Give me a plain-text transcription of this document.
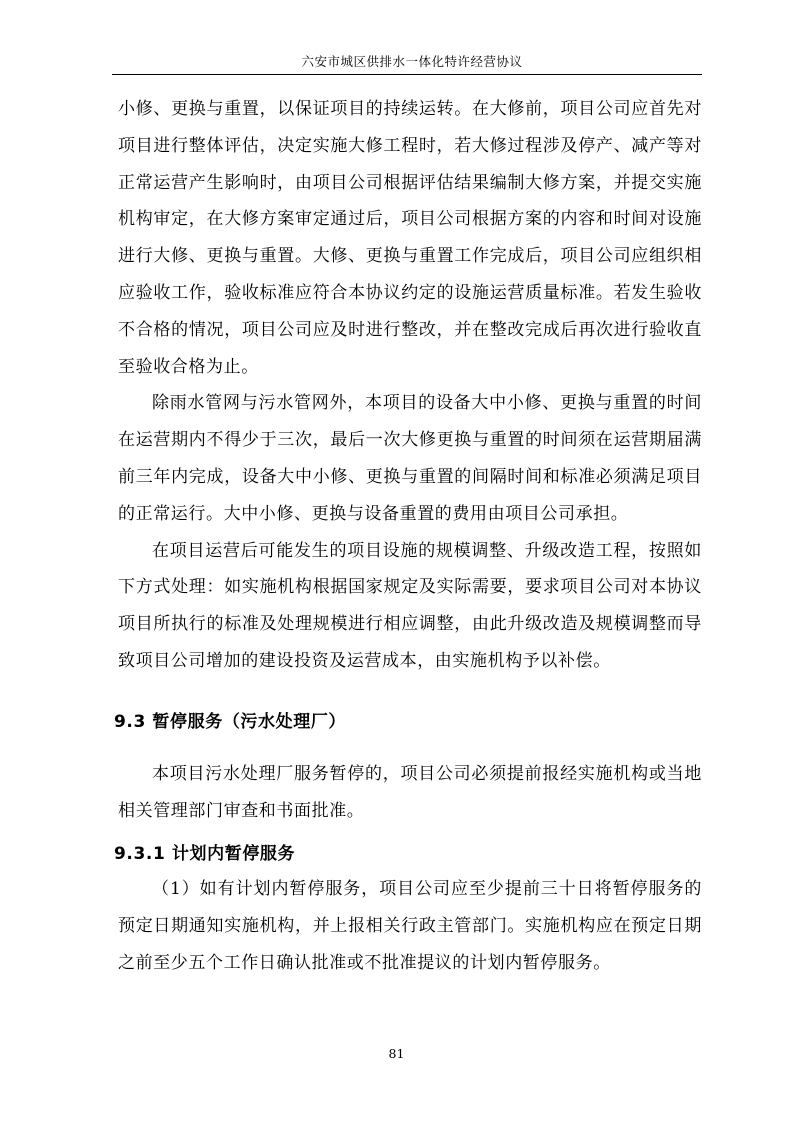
六安市城区供排水一体化特许经营协议

小修、更换与重置，以保证项目的持续运转。在大修前，项目公司应首先对项目进行整体评估，决定实施大修工程时，若大修过程涉及停产、减产等对正常运营产生影响时，由项目公司根据评估结果编制大修方案，并提交实施机构审定，在大修方案审定通过后，项目公司根据方案的内容和时间对设施进行大修、更换与重置。大修、更换与重置工作完成后，项目公司应组织相应验收工作，验收标准应符合本协议约定的设施运营质量标准。若发生验收不合格的情况，项目公司应及时进行整改，并在整改完成后再次进行验收直至验收合格为止。

除雨水管网与污水管网外，本项目的设备大中小修、更换与重置的时间在运营期内不得少于三次，最后一次大修更换与重置的时间须在运营期届满前三年内完成，设备大中小修、更换与重置的间隔时间和标准必须满足项目的正常运行。大中小修、更换与设备重置的费用由项目公司承担。

在项目运营后可能发生的项目设施的规模调整、升级改造工程，按照如下方式处理：如实施机构根据国家规定及实际需要，要求项目公司对本协议项目所执行的标准及处理规模进行相应调整，由此升级改造及规模调整而导致项目公司增加的建设投资及运营成本，由实施机构予以补偿。

9.3 暂停服务（污水处理厂）

本项目污水处理厂服务暂停的，项目公司必须提前报经实施机构或当地相关管理部门审查和书面批准。

9.3.1 计划内暂停服务

（1）如有计划内暂停服务，项目公司应至少提前三十日将暂停服务的预定日期通知实施机构，并上报相关行政主管部门。实施机构应在预定日期之前至少五个工作日确认批准或不批准提议的计划内暂停服务。

81
